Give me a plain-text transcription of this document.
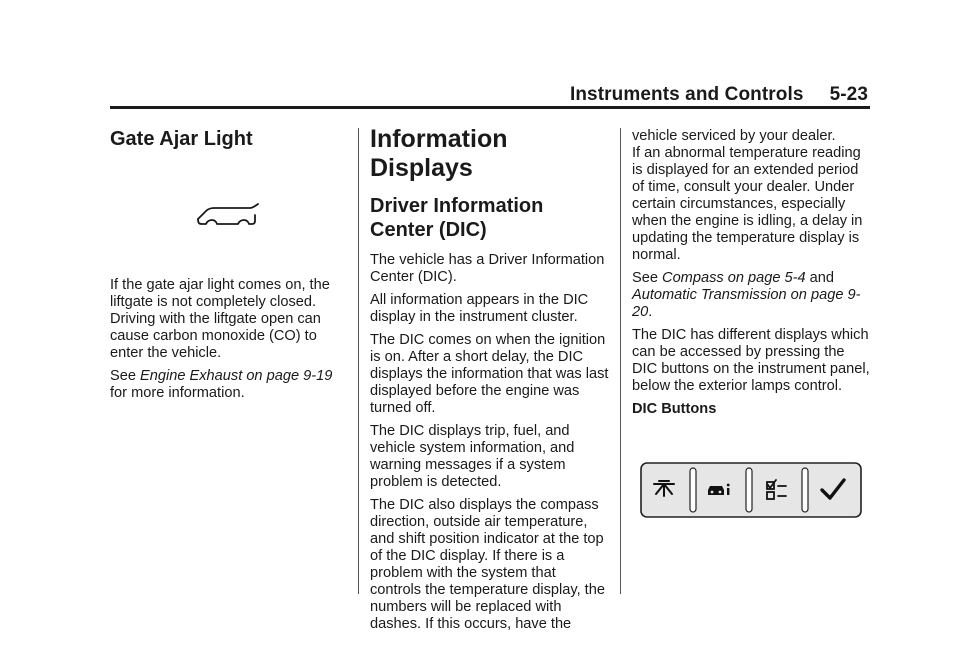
Instruments and Controls 5-23
Gate Ajar Light

If the gate ajar light comes on, the liftgate is not completely closed. Driving with the liftgate open can cause carbon monoxide (CO) to enter the vehicle.

See Engine Exhaust on page 9-19
for more information.

Information Displays
Driver Information Center (DIC)

The vehicle has a Driver Information Center (DIC).

All information appears in the DIC display in the instrument cluster.

The DIC comes on when the ignition is on. After a short delay, the DIC displays the information that was last displayed before the engine was turned off.

The DIC displays trip, fuel, and vehicle system information, and warning messages if a system problem is detected.

The DIC also displays the compass direction, outside air temperature, and shift position indicator at the top of the DIC display. If there is a problem with the system that controls the temperature display, the numbers will be replaced with dashes. If this occurs, have the

vehicle serviced by your dealer.

If an abnormal temperature reading is displayed for an extended period of time, consult your dealer. Under certain circumstances, especially when the engine is idling, a delay in updating the temperature display is normal.

See Compass on page 5-4 and Automatic Transmission on page 9-20.

The DIC has different displays which can be accessed by pressing the DIC buttons on the instrument panel, below the exterior lamps control.

DIC Buttons
